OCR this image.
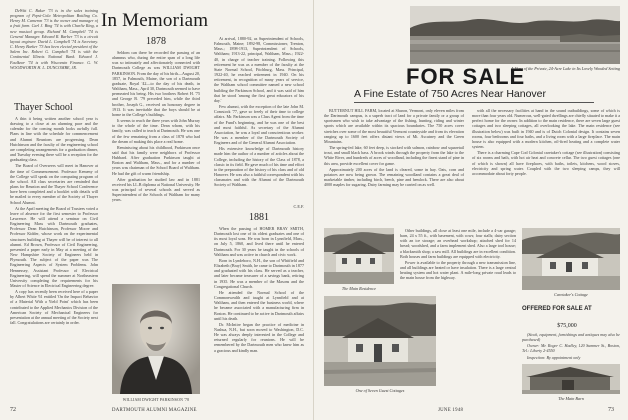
In Memoriam

DeWitt C. Baker '73 is in the sales training program of Pepsi-Cola Metropolitan Bottling Co. Henry M. Cameron '73 is the owner and manager of a fruit farm. Carl J. Bing '74 is with Charlie Ring, a new musical group. Richard M. Campbell '74 is General Manager. Edward R. Barber '73 is a circuit layout engineer. David L. Campbell '74 is Secretary. C. Henry Barker '73 has been elected president of the Salem Inc. Robert G. Campbell '74 is with the Continental Illinois National Bank. Edward J. Faulkner '74 is with Wisconsin Finance. G. W. WOODWORTH H. L. DUNCOMBE, JR.

Thayer School

A thin it being written another school year is drawing to a close at an alarming pace and the calendar for the coming month looks awfully full. Plans in line with the schedule for commencement and Alumni Reunions are progressing. Dean Hutchinson and the faculty of the engineering school are completing arrangements for a graduation dinner, and Tuesday evening there will be a reception for the graduating class.

The Board of Overseers will meet in Hanover at the time of Commencement. Professor Kemeny of the College will speak on the computing program of the school. All class secretaries are reminded that plans for Reunion and the Thayer School Conference have been completed and a booklet with details will be mailed to every member of the Society of Thayer School Alumni.

At the April meeting the Board of Trustees voted a leave of absence for the first semester to Professor Lawrence. He will attend a seminar on Civil Engineering Mass with Dartmouth graduates, Professor Dean Hutchinson, Professor Moore and Professor Kidder, whose work on the experimental structures building at Thayer will be of interest to all alumni. Ed Brown, Professor of Civil Engineering, presented a paper early in May at a meeting of the New Hampshire Society of Engineers held in Plymouth. The subject of the paper was The Engineering Aspects of System Problems. John Hennessey, Assistant Professor of Electrical Engineering, will spend the summer at Northeastern University completing the requirements for his Master of Science in Electrical Engineering degree.

A copy has recently been received here of a paper by Albert White '61 entitled 'On the Impact Behavior of a Material With a Yield Point' which has been contributed to the Applied Mechanics Division of the American Society of Mechanical Engineers for presentation at the annual meeting of the Society next fall. Congratulations are certainly in order.

1878

Seldom can there be recorded the passing of an alumnus who, during the entire span of a long life was so intimately and affectionately connected with Dartmouth College as was WILLIAM DWIGHT PARKINSON. From the day of his birth—August 20, 1857, in Falmouth, Maine, the son of a Dartmouth graduate, Royal '42—to the day of his death, in Waltham, Mass., April 30, Dartmouth seemed to have permeated his being. His two brothers Robert H. '75 and George B. '79 preceded him, while the third brother, Joseph G., received an honorary degree in 1913. It was inevitable that the boys should be at home in the College's buildings.

It seems to reach the three years with John Murray to the whole of the time. Dean whom, with his family, was called to teach at Dartmouth. He was one of the few remaining from a class of 1878 who had the dream of making this place a real home.

Reminiscing about his childhood, Parkinson once said that his family were neighbors of Professor Hubbard. After graduation Parkinson taught at Boston and Waltham, Mass., and for a number of years was chairman of the School Board of Waltham. He had the gift of warm friendship.

After graduation he studied law and in 1881 received his LL.B diploma at National University. He was principal of several schools and served as Superintendent of the Schools of Waltham for many years.

WILLIAM DWIGHT PARKINSON '78

At arrival, 1880-92, as Superintendent of Schools, Falmouth, Maine; 1892-98, Commissioner, Trenton, Mass.; 1898-1913, Superintendent of Schools, Waltham; 1913-22, principal, Waltham, Mass.; 1922-40, in charge of teacher training. Following this retirement he was as a member of the faculty at the State Normal School, Fitchburg, Mass. Principal, 1922-40, he reached retirement in 1940. On his retirement, in recognition of many years of service, the Waltham school committee named a new school building the Parkinson School, and it was said of him that he stood 'among the first great educators of his day.'

Few alumni, with the exception of the late John M. Comstock '77, gave so freely of their time to college affairs. Mr. Parkinson was a Class Agent from the time of the Fund's beginning, and he was one of the best and most faithful. As secretary of the Alumni Association, he was a loyal and conscientious worker. He was a member of the Dartmouth Society of Engineers and of the General Alumni Association.

His extensive knowledge of Dartmouth history made him the author of a number of articles about the College, including the history of the Class of 1878, a classic in its field. He gave much of his time and effort to the preparation of the history of his class and of old Hanover. He was also a faithful correspondent with his classmates and with the Alumni of the Dartmouth Society of Waltham.

C.E.F.
1881

When the passing of HOMER BRAY SMITH, Dartmouth lost one of its oldest graduates and one of its most loyal sons. He was born in Lynnfield, Mass., on July 5, 1860, and lived there until he entered Dartmouth. For 30 years he taught in the schools of Waltham and was active in church and civic work.

Born in Lyndeboro, N.H., the son of Whitfield and Elizabeth (Bray) Smith, he came to Dartmouth in 1877 and graduated with his class. He served as a teacher, and later became treasurer of a savings bank, retiring in 1935. He was a member of the Masons and the Congregational Church.

He attended the Normal School of the Commonwealth and taught at Lynnfield and at Waltham, and then entered the business world, where he became associated with a manufacturing firm in Boston. He continued to be active in Dartmouth affairs until his death.

Dr. McIntire began the practice of medicine in Nashua, N.H., but soon moved to Washington, D.C. He was always deeply interested in the College and returned regularly for reunions. He will be remembered by the Dartmouth men who knew him as a gracious and kindly man.

72	DARTMOUTH ALUMNI MAGAZINE
A View of the Private, 24-Acre Lake in Its Lovely Wooded Setting
FOR SALE
A Fine Estate of 750 Acres Near Hanover

BUTTERNUT HILL FARM, located at Sharon, Vermont, only eleven miles from the Dartmouth campus, is a superb tract of land for a private family or a group of sportsmen who wish to take advantage of the fishing, hunting, riding and winter sports which are available within its spacious boundaries. The 750 acres cover stretches over some of the most beautiful Vermont countryside and from its elevation ranging up to 1600 feet offers distant views of Mt. Ascutney and the Green Mountains.

The spring-fed lake, 60 feet deep, is stocked with salmon, rainbow and squaretail trout, and small black bass. A brook winds through the property from the lake to the White River, and hundreds of acres of woodland, including the finest stand of pine in this area, provide excellent cover for game.

Approximately 200 acres of the land is cleared, some in hay. Oats, corn and potatoes are now being grown. The remaining woodland contains a great deal of marketable timber, including birch, beech, pine and hemlock. There are also about 4000 maples for sugaring. Dairy farming may be carried on as well.

with all the necessary facilities at hand in the sound outbuildings, some of which is more than four years old. Numerous, well-gated dwellings are chiefly situated to make it a perfect home for the owner. In addition to the main residence, there are seven large guest cottages and two sleeping cottages, all overlooking the lake. The main residence (see illustration below) was built in 1940 and is of Dutch Colonial design. It contains seven rooms, four bedrooms and four baths, and a living room with a large fireplace. The main house is also equipped with a modern kitchen, oil-fired heating and a complete water system.

There is a charming Cape Cod Colonial caretaker's cottage (see illustration) consisting of six rooms and bath, with hot air heat and concrete cellar. The two guest cottages (one of which is shown) all have fireplaces, with baths, toilets, kitchens, wood stoves, electricity and spring water. Coupled with the two sleeping camps, they will accommodate about forty people.

The Main Residence

Other buildings, all close at least one mile, include a 4-car garage; barn, 24 x 55 ft., with basement, with cows; four stalls; dairy section with an ice storage; an overhead workshop; attached shed for 14 bread; woodshed, and a farm implement shed. Also a large tool house; a blacksmith shop; a saw mill. All buildings are in excellent condition. Both houses and farm buildings are equipped with electricity.

Power is available to the property through a new transmission line, and all buildings are heated or have insulation. There is a large central heating system and hot water plant. A mile-long private road leads to the main house from the highway.

Caretaker's Cottage
One of Seven Guest Cottages
OFFERED FOR SALE AT
$75,000

(Stock, equipment, furnishings and antiques may also be purchased)

Owner: Mr. Roger C. Hadley, 120 Summer St., Boston, Tel.: Liberty 2-4550

Inspection: By appointment only

The Main Barn
JUNE 1948	73
